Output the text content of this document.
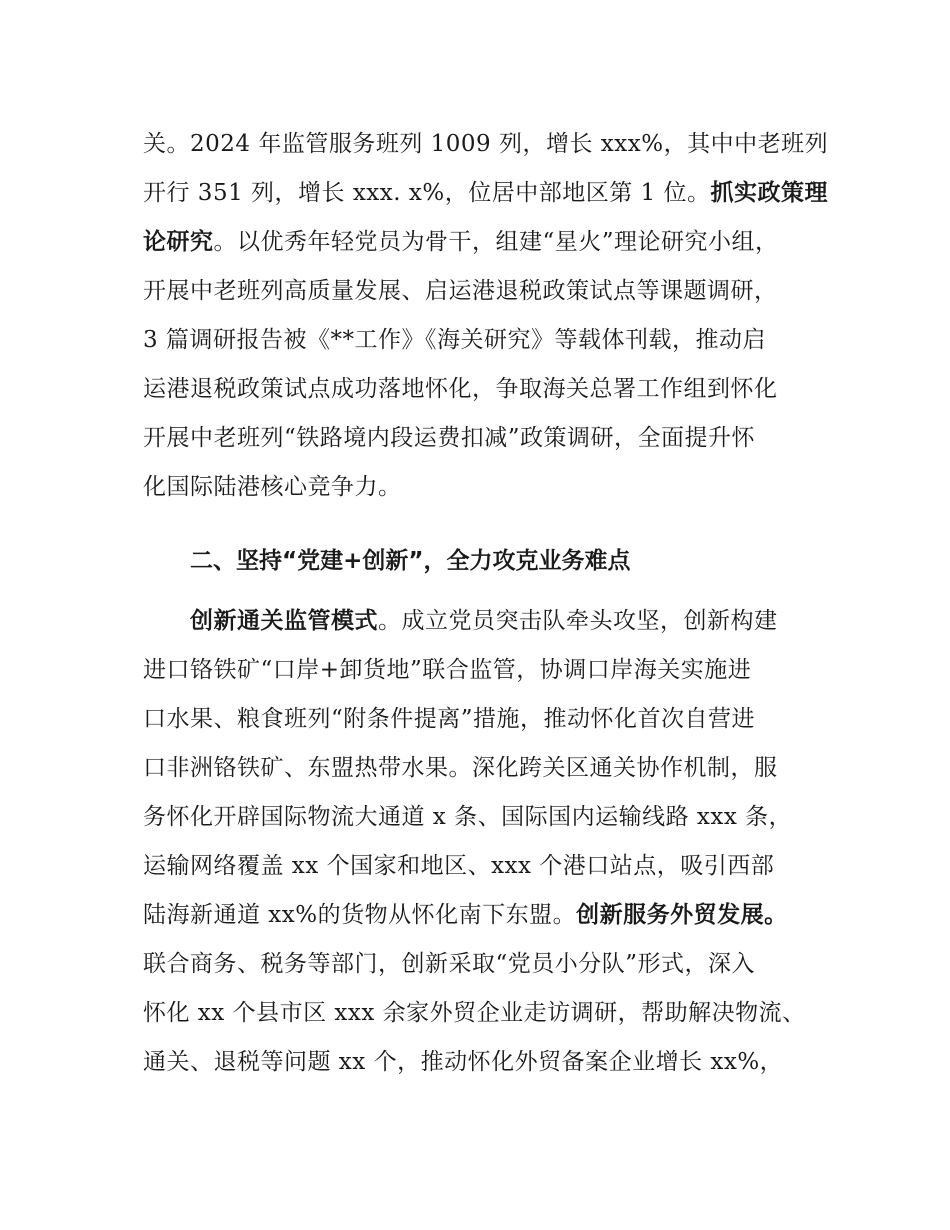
关。2024 年监管服务班列 1009 列，增长 xxx%，其中中老班列
开行 351 列，增长 xxx. x%，位居中部地区第 1 位。抓实政策理
论研究。以优秀年轻党员为骨干，组建“星火”理论研究小组，
开展中老班列高质量发展、启运港退税政策试点等课题调研，
3 篇调研报告被《**工作》《海关研究》等载体刊载，推动启
运港退税政策试点成功落地怀化，争取海关总署工作组到怀化
开展中老班列“铁路境内段运费扣减”政策调研，全面提升怀
化国际陆港核心竞争力。
二、坚持“党建+创新”，全力攻克业务难点
创新通关监管模式。成立党员突击队牵头攻坚，创新构建
进口铬铁矿“口岸+卸货地”联合监管，协调口岸海关实施进
口水果、粮食班列“附条件提离”措施，推动怀化首次自营进
口非洲铬铁矿、东盟热带水果。深化跨关区通关协作机制，服
务怀化开辟国际物流大通道 x 条、国际国内运输线路 xxx 条，
运输网络覆盖 xx 个国家和地区、xxx 个港口站点，吸引西部
陆海新通道 xx%的货物从怀化南下东盟。创新服务外贸发展。
联合商务、税务等部门，创新采取“党员小分队”形式，深入
怀化 xx 个县市区 xxx 余家外贸企业走访调研，帮助解决物流、
通关、退税等问题 xx 个，推动怀化外贸备案企业增长 xx%，
